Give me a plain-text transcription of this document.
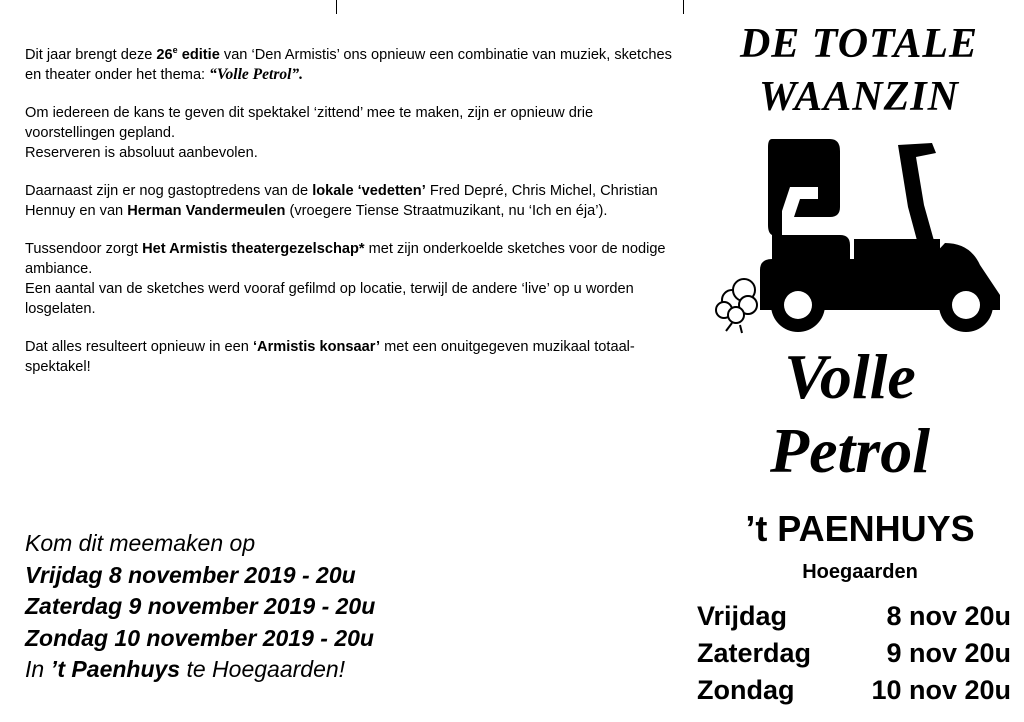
Dit jaar brengt deze 26e editie van ‘Den Armistis’ ons opnieuw een combinatie van muziek, sketches en theater onder het thema: “Volle Petrol”.

Om iedereen de kans te geven dit spektakel ‘zittend’ mee te maken, zijn er opnieuw drie voorstellingen gepland.
Reserveren is absoluut aanbevolen.

Daarnaast zijn er nog gastoptredens van de lokale ‘vedetten’ Fred Depré, Chris Michel, Christian Hennuy en van Herman Vandermeulen (vroegere Tiense Straatmuzikant, nu ‘Ich en éja’).

Tussendoor zorgt Het Armistis theatergezelschap* met zijn onderkoelde sketches voor de nodige ambiance.
Een aantal van de sketches werd vooraf gefilmd op locatie, terwijl de andere ‘live’ op u worden losgelaten.

Dat alles resulteert opnieuw in een ‘Armistis konsaar’ met een onuitgegeven muzikaal totaal-spektakel!

Kom dit meemaken op
Vrijdag 8 november 2019 - 20u
Zaterdag 9 november 2019 - 20u
Zondag 10 november 2019 - 20u
In ’t Paenhuys te Hoegaarden!
DE TOTALE
WAANZIN
Volle
Petrol
’t PAENHUYS
Hoegaarden
Vrijdag	8 nov 20u
Zaterdag	9 nov 20u
Zondag	10 nov 20u
